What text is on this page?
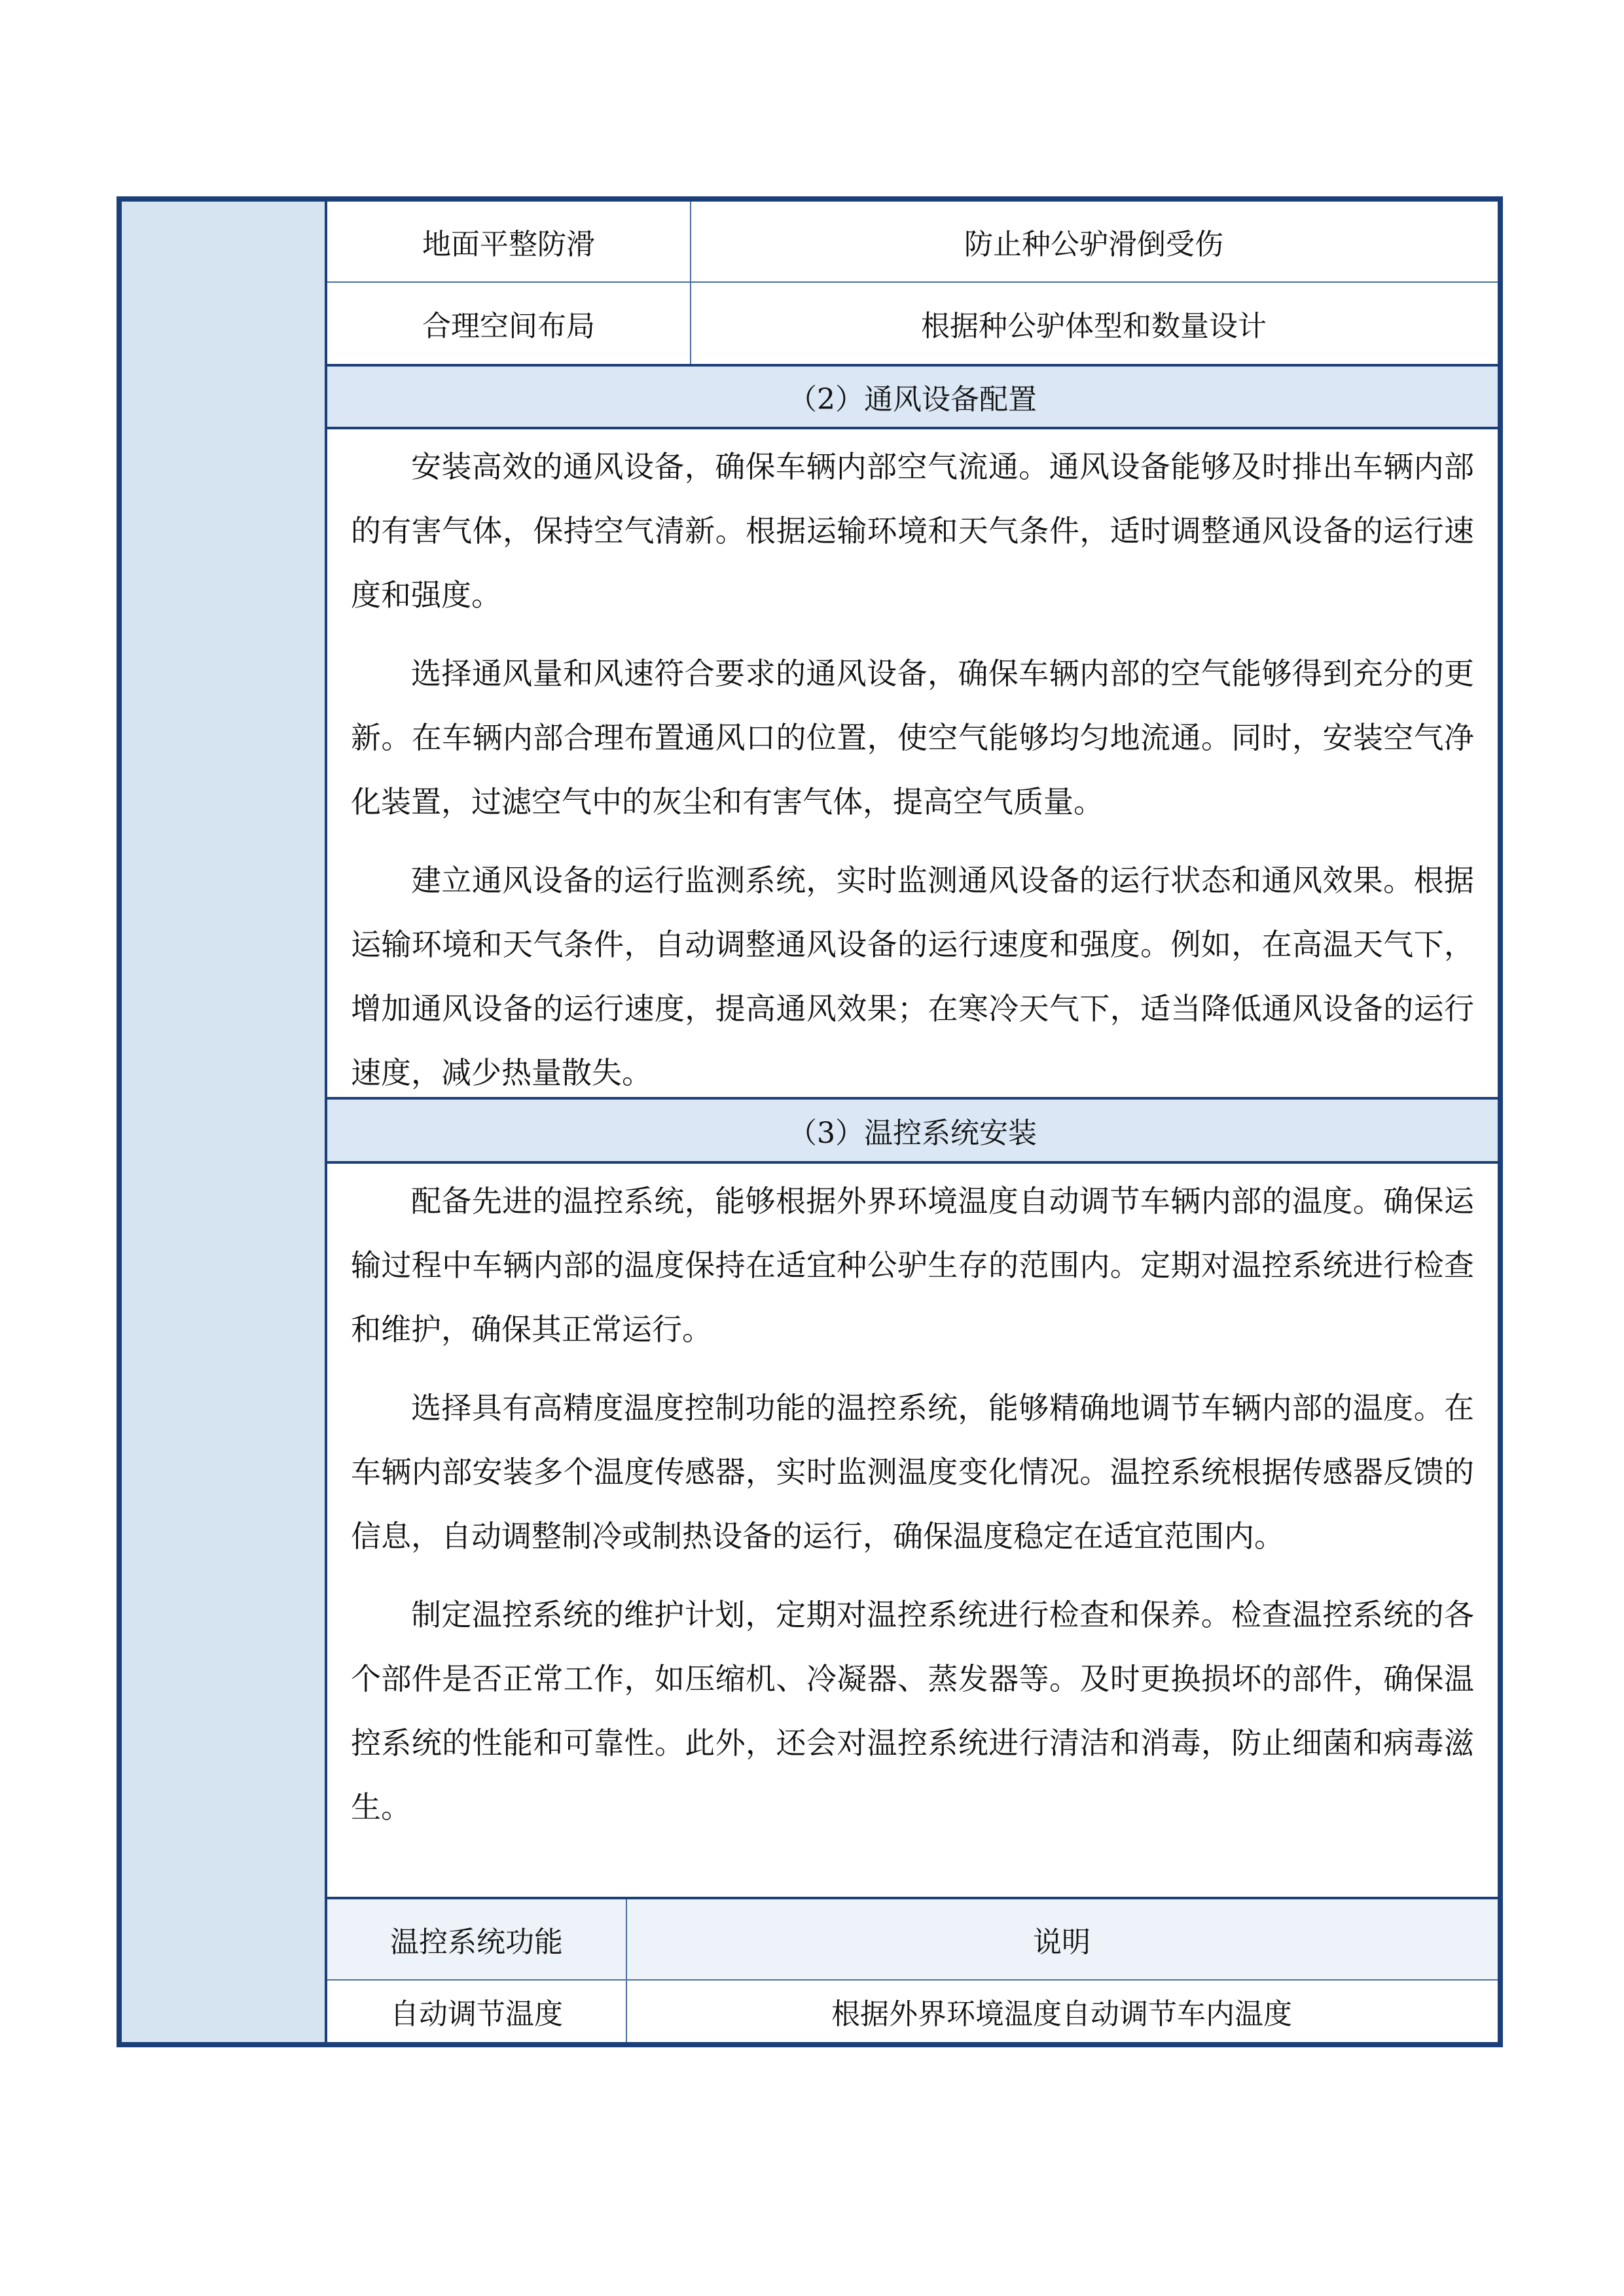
地面平整防滑	防止种公驴滑倒受伤
合理空间布局	根据种公驴体型和数量设计
（2）通风设备配置

安装高效的通风设备，确保车辆内部空气流通。通风设备能够及时排出车辆内部的有害气体，保持空气清新。根据运输环境和天气条件，适时调整通风设备的运行速度和强度。

选择通风量和风速符合要求的通风设备，确保车辆内部的空气能够得到充分的更新。在车辆内部合理布置通风口的位置，使空气能够均匀地流通。同时，安装空气净化装置，过滤空气中的灰尘和有害气体，提高空气质量。

建立通风设备的运行监测系统，实时监测通风设备的运行状态和通风效果。根据运输环境和天气条件，自动调整通风设备的运行速度和强度。例如，在高温天气下，增加通风设备的运行速度，提高通风效果；在寒冷天气下，适当降低通风设备的运行速度，减少热量散失。

（3）温控系统安装

配备先进的温控系统，能够根据外界环境温度自动调节车辆内部的温度。确保运输过程中车辆内部的温度保持在适宜种公驴生存的范围内。定期对温控系统进行检查和维护，确保其正常运行。

选择具有高精度温度控制功能的温控系统，能够精确地调节车辆内部的温度。在车辆内部安装多个温度传感器，实时监测温度变化情况。温控系统根据传感器反馈的信息，自动调整制冷或制热设备的运行，确保温度稳定在适宜范围内。

制定温控系统的维护计划，定期对温控系统进行检查和保养。检查温控系统的各个部件是否正常工作，如压缩机、冷凝器、蒸发器等。及时更换损坏的部件，确保温控系统的性能和可靠性。此外，还会对温控系统进行清洁和消毒，防止细菌和病毒滋生。

温控系统功能	说明
自动调节温度	根据外界环境温度自动调节车内温度
